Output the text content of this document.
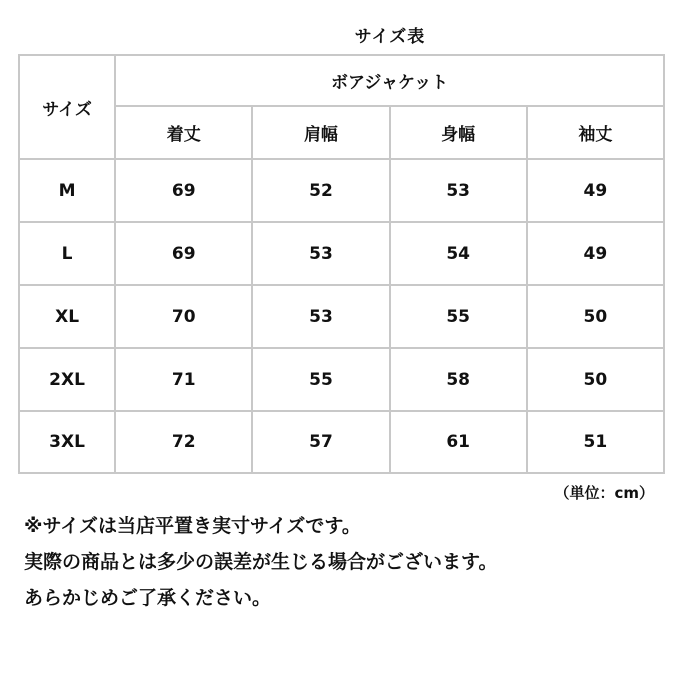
サイズ表
サイズ	ボアジャケット			
	着丈	肩幅	身幅	袖丈
M	69	52	53	49
L	69	53	54	49
XL	70	53	55	50
2XL	71	55	58	50
3XL	72	57	61	51
（単位：cm）
※サイズは当店平置き実寸サイズです。
実際の商品とは多少の誤差が生じる場合がございます。
あらかじめご了承ください。
